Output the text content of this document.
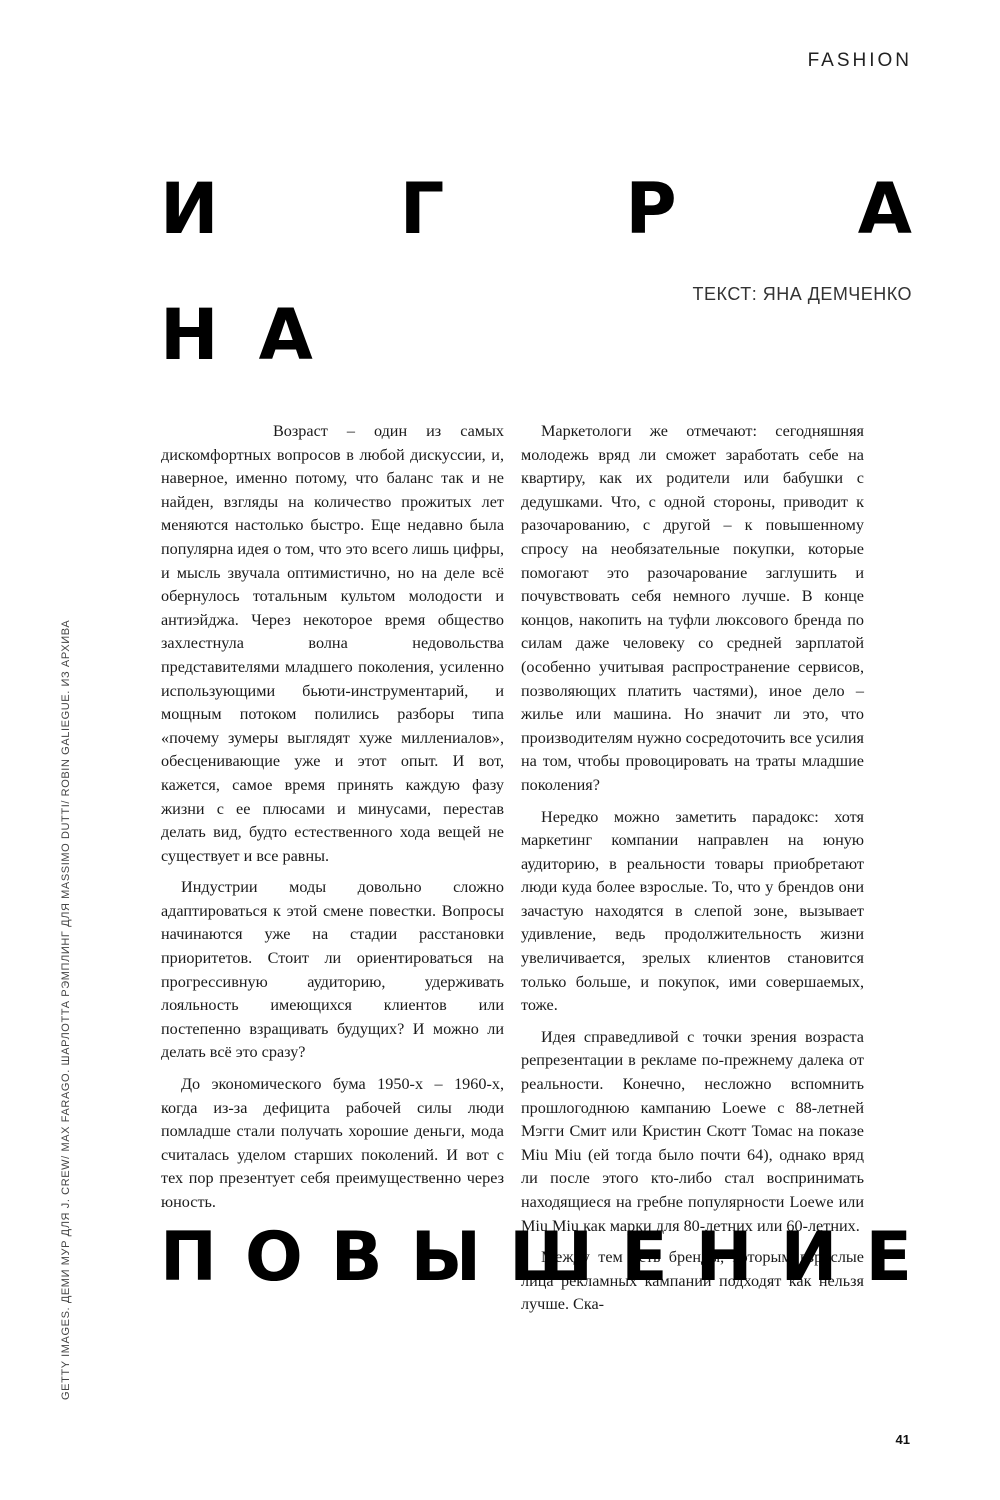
FASHION
И	Г	Р	А
ТЕКСТ: ЯНА ДЕМЧЕНКО
Н А

Возраст – один из самых дискомфортных вопросов в любой дискуссии, и, наверное, именно потому, что баланс так и не найден, взгляды на количество прожитых лет меняются настолько быстро. Еще недавно была популярна идея о том, что это всего лишь цифры, и мысль звучала оптимистично, но на деле всё обернулось тотальным культом молодости и антиэйджа. Через некоторое время общество захлестнула волна недовольства представителями младшего поколения, усиленно использующими бьюти-инструментарий, и мощным потоком полились разборы типа «почему зумеры выглядят хуже миллениалов», обесценивающие уже и этот опыт. И вот, кажется, самое время принять каждую фазу жизни с ее плюсами и минусами, перестав делать вид, будто естественного хода вещей не существует и все равны.

Индустрии моды довольно сложно адаптироваться к этой смене повестки. Вопросы начинаются уже на стадии расстановки приоритетов. Стоит ли ориентироваться на прогрессивную аудиторию, удерживать лояльность имеющихся клиентов или постепенно взращивать будущих? И можно ли делать всё это сразу?

До экономического бума 1950-х – 1960-х, когда из-за дефицита рабочей силы люди помладше стали получать хорошие деньги, мода считалась уделом старших поколений. И вот с тех пор презентует себя преимущественно через юность.

Маркетологи же отмечают: сегодняшняя молодежь вряд ли сможет заработать себе на квартиру, как их родители или бабушки с дедушками. Что, с одной стороны, приводит к разочарованию, с другой – к повышенному спросу на необязательные покупки, которые помогают это разочарование заглушить и почувствовать себя немного лучше. В конце концов, накопить на туфли люксового бренда по силам даже человеку со средней зарплатой (особенно учитывая распространение сервисов, позволяющих платить частями), иное дело – жилье или машина. Но значит ли это, что производителям нужно сосредоточить все усилия на том, чтобы провоцировать на траты младшие поколения?

Нередко можно заметить парадокс: хотя маркетинг компании направлен на юную аудиторию, в реальности товары приобретают люди куда более взрослые. То, что у брендов они зачастую находятся в слепой зоне, вызывает удивление, ведь продолжительность жизни увеличивается, зрелых клиентов становится только больше, и покупок, ими совершаемых, тоже.

Идея справедливой с точки зрения возраста репрезентации в рекламе по-прежнему далека от реальности. Конечно, несложно вспомнить прошлогоднюю кампанию Loewe с 88-летней Мэгги Смит или Кристин Скотт Томас на показе Miu Miu (ей тогда было почти 64), однако вряд ли после этого кто-либо стал воспринимать находящиеся на гребне популярности Loewe или Miu Miu как марки для 80-летних или 60-летних.

Между тем есть бренды, которым взрослые лица рекламных кампаний подходят как нельзя лучше. Ска-

П О В Ы Ш Е Н И Е
GETTY IMAGES. ДЕМИ МУР ДЛЯ J. CREW/ MAX FARAGO. ШАРЛОТТА РЭМПЛИНГ ДЛЯ MASSIMO DUTTI/ ROBIN GALIEGUE. ИЗ АРХИВА
41
